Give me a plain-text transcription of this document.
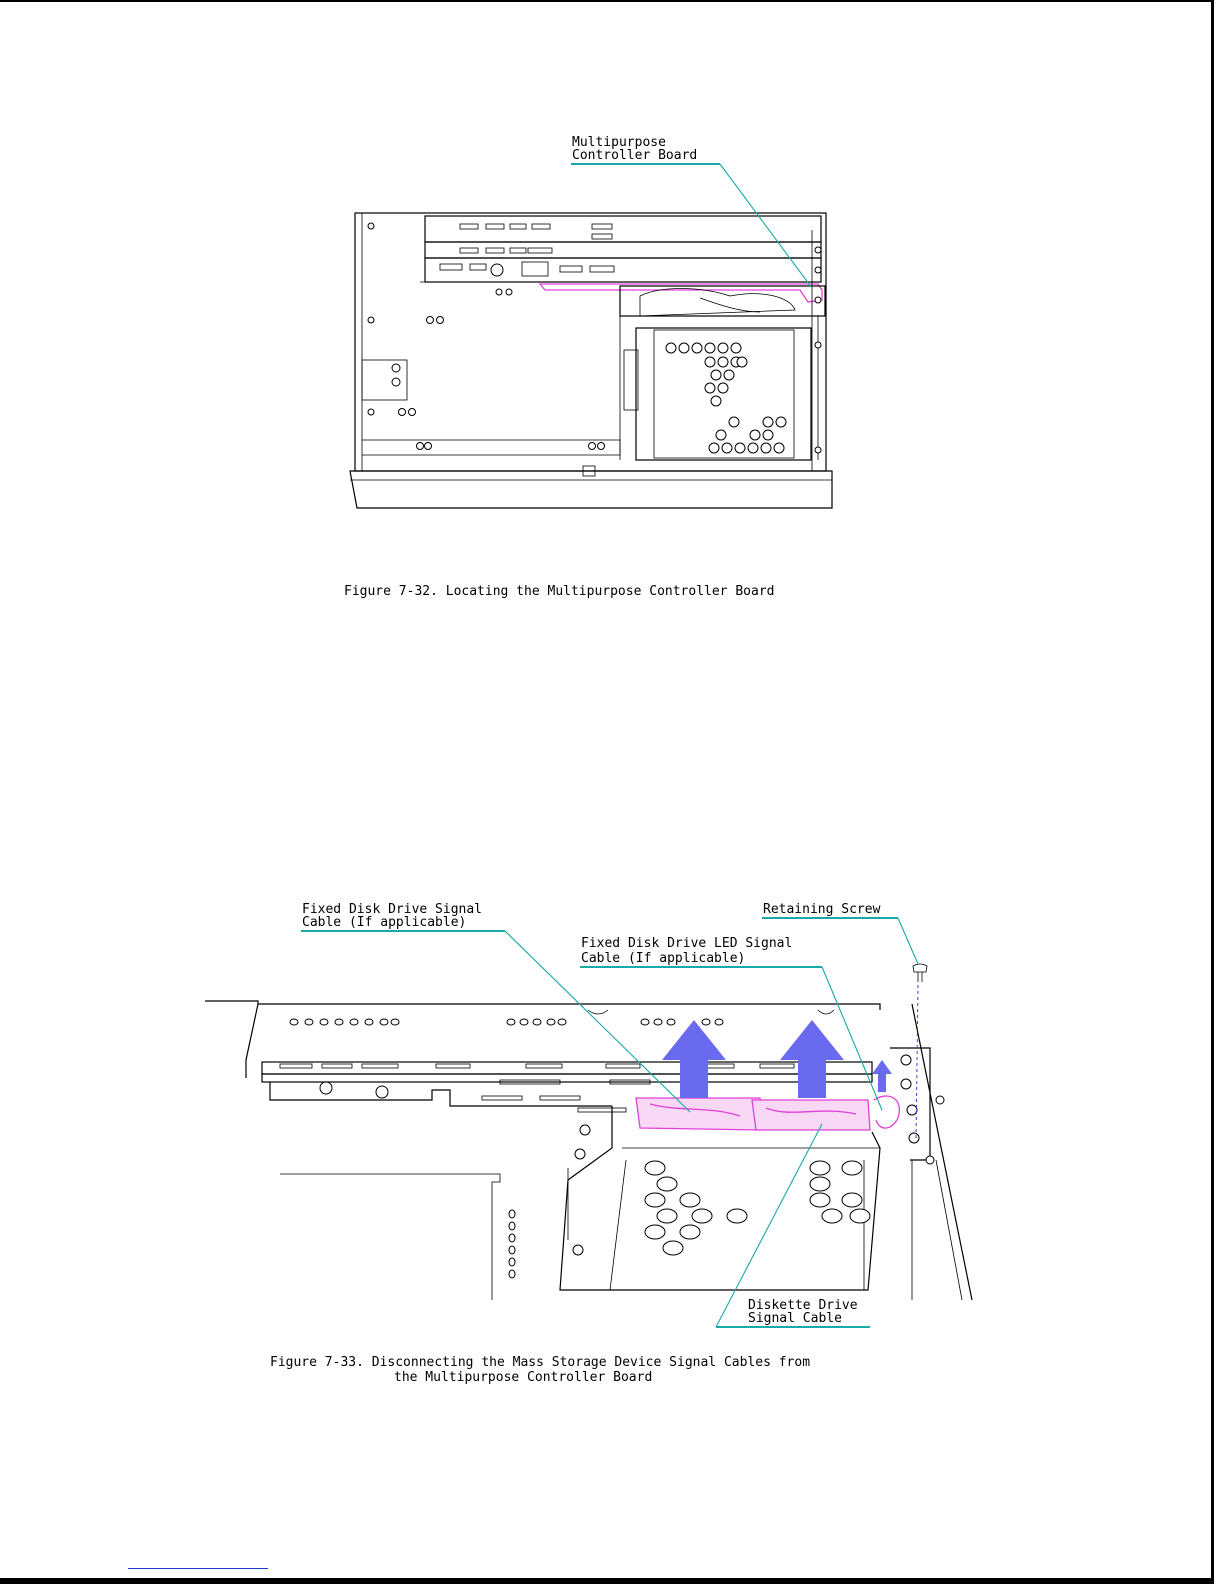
Multipurpose
Controller Board
Figure 7-32. Locating the Multipurpose Controller Board
Fixed Disk Drive Signal
Cable (If applicable)
Retaining Screw
Fixed Disk Drive LED Signal
Cable (If applicable)
Diskette Drive
Signal Cable
Figure 7-33. Disconnecting the Mass Storage Device Signal Cables from
the Multipurpose Controller Board
